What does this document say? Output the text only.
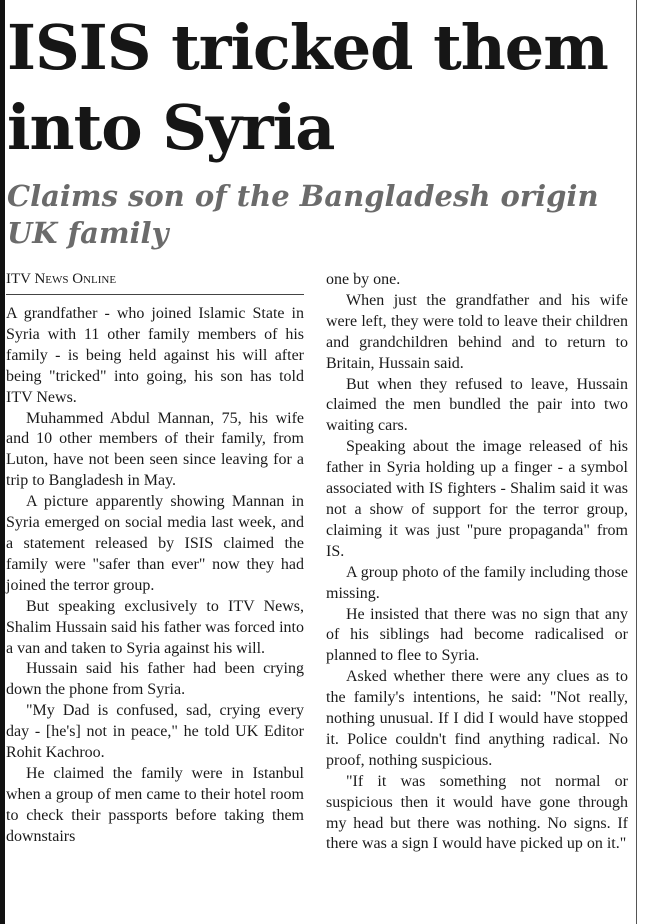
ISIS tricked them into Syria
Claims son of the Bangladesh origin UK family
ITV News Online

A grandfather - who joined Islamic State in Syria with 11 other family members of his family - is being held against his will after being "tricked" into going, his son has told ITV News.

Muhammed Abdul Mannan, 75, his wife and 10 other members of their family, from Luton, have not been seen since leaving for a trip to Bangladesh in May.

A picture apparently showing Mannan in Syria emerged on social media last week, and a statement released by ISIS claimed the family were "safer than ever" now they had joined the terror group.

But speaking exclusively to ITV News, Shalim Hussain said his father was forced into a van and taken to Syria against his will.

Hussain said his father had been crying down the phone from Syria.

"My Dad is confused, sad, crying every day - [he's] not in peace," he told UK Editor Rohit Kachroo.

He claimed the family were in Istanbul when a group of men came to their hotel room to check their passports before taking them downstairs

one by one.

When just the grandfather and his wife were left, they were told to leave their children and grandchildren behind and to return to Britain, Hussain said.

But when they refused to leave, Hussain claimed the men bundled the pair into two waiting cars.

Speaking about the image released of his father in Syria holding up a finger - a symbol associated with IS fighters - Shalim said it was not a show of support for the terror group, claiming it was just "pure propaganda" from IS.

A group photo of the family including those missing.

He insisted that there was no sign that any of his siblings had become radicalised or planned to flee to Syria.

Asked whether there were any clues as to the family's intentions, he said: "Not really, nothing unusual. If I did I would have stopped it. Police couldn't find anything radical. No proof, nothing suspicious.

"If it was something not normal or suspicious then it would have gone through my head but there was nothing. No signs. If there was a sign I would have picked up on it."
